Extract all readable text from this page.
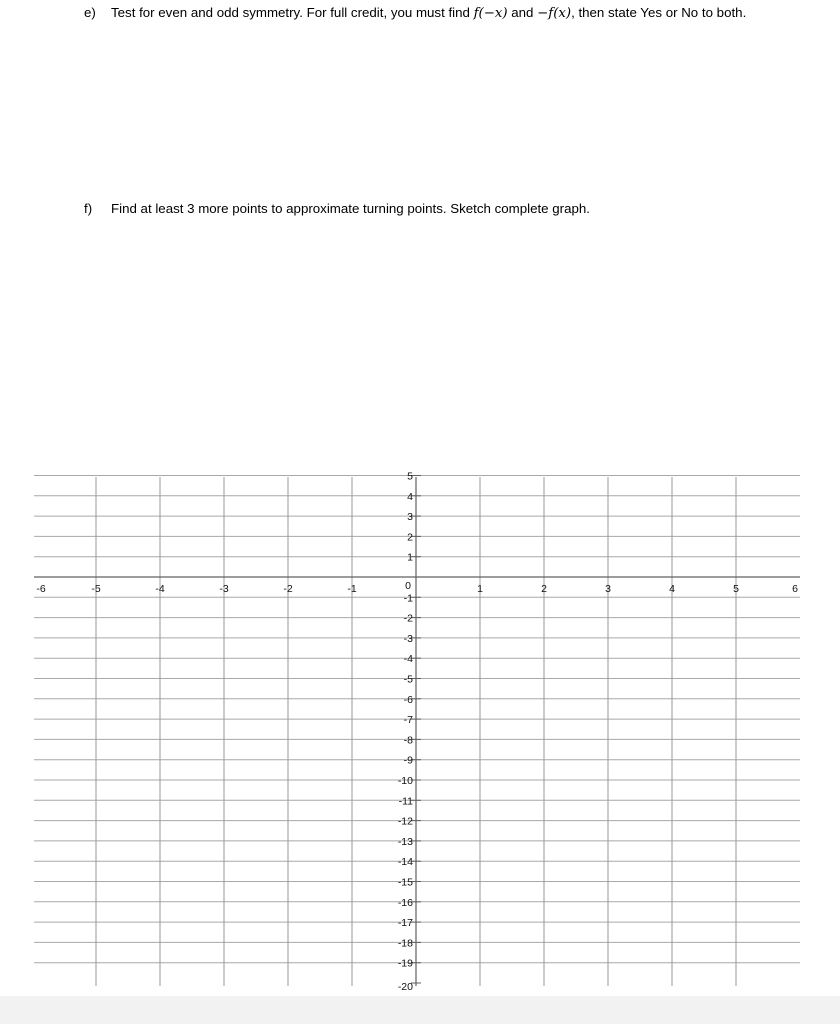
e) Test for even and odd symmetry. For full credit, you must find f(−x) and −f(x), then state Yes or No to both.
f) Find at least 3 more points to approximate turning points. Sketch complete graph.
-6	-5	-4	-3	-2	-1	1	2	3	4	5	6
0
5
4
3
2
1
-1
-2
-3
-4
-5
-6
-7
-8
-9
-10
-11
-12
-13
-14
-15
-16
-17
-18
-19
-20
